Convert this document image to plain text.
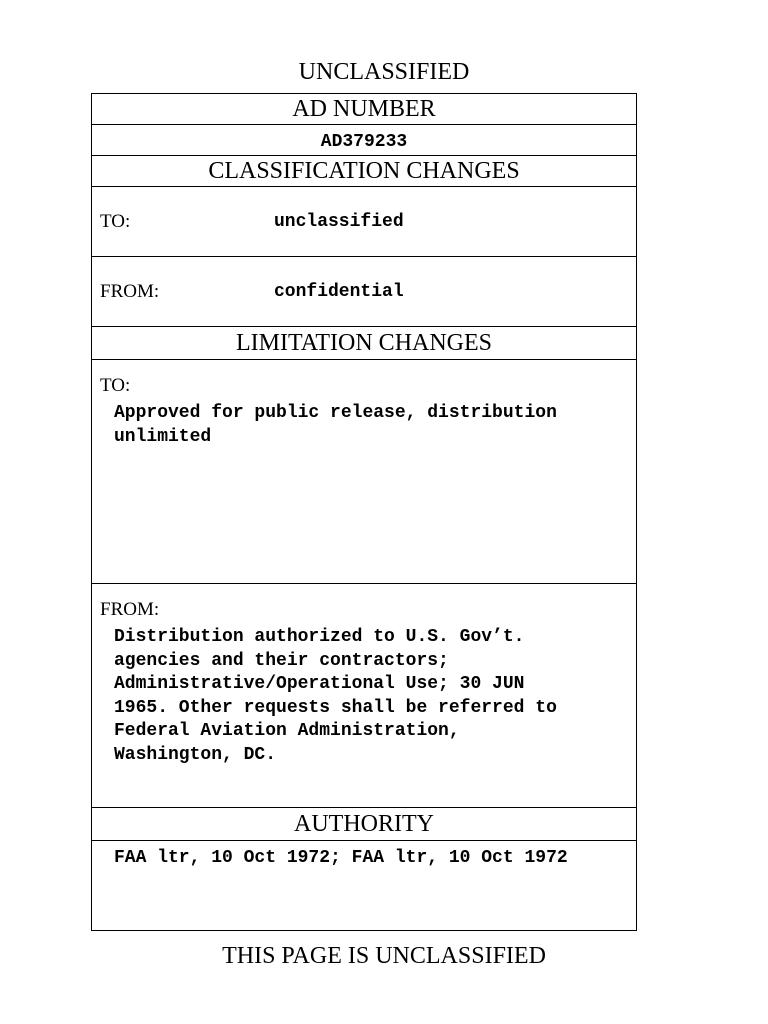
UNCLASSIFIED
AD NUMBER
AD379233
CLASSIFICATION CHANGES
TO:	unclassified
FROM:	confidential
LIMITATION CHANGES
TO:
Approved for public release, distribution
unlimited
FROM:
Distribution authorized to U.S. Gov’t.
agencies and their contractors;
Administrative/Operational Use; 30 JUN
1965. Other requests shall be referred to
Federal Aviation Administration,
Washington, DC.
AUTHORITY
FAA ltr, 10 Oct 1972; FAA ltr, 10 Oct 1972
THIS PAGE IS UNCLASSIFIED
